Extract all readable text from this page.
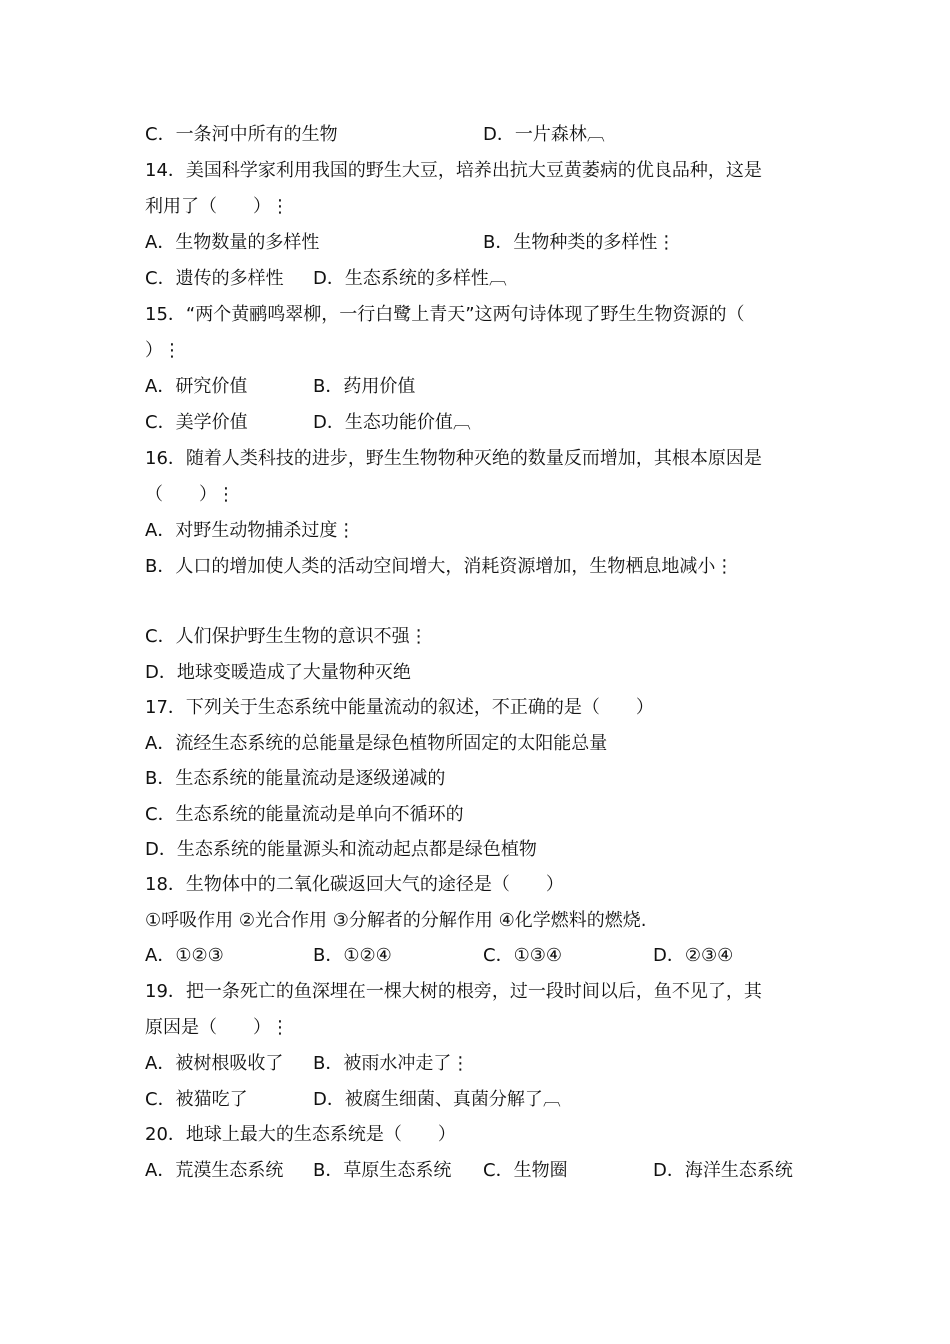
C．一条河中所有的生物	D．一片森林︹
14．美国科学家利用我国的野生大豆，培养出抗大豆黄萎病的优良品种，这是
利用了（　　）⋮
A．生物数量的多样性	B．生物种类的多样性⋮
C．遗传的多样性 D．生态系统的多样性︹
15．“两个黄鹂鸣翠柳，一行白鹭上青天”这两句诗体现了野生生物资源的（
）⋮
A．研究价值	B．药用价值
C．美学价值	D．生态功能价值︹
16．随着人类科技的进步，野生生物物种灭绝的数量反而增加，其根本原因是
（　　）⋮
A．对野生动物捕杀过度⋮
B．人口的增加使人类的活动空间增大，消耗资源增加，生物栖息地减小⋮
C．人们保护野生生物的意识不强⋮
D．地球变暖造成了大量物种灭绝
17．下列关于生态系统中能量流动的叙述，不正确的是（　　）
A．流经生态系统的总能量是绿色植物所固定的太阳能总量
B．生态系统的能量流动是逐级递减的
C．生态系统的能量流动是单向不循环的
D．生态系统的能量源头和流动起点都是绿色植物
18．生物体中的二氧化碳返回大气的途径是（　　）
①呼吸作用 ②光合作用 ③分解者的分解作用 ④化学燃料的燃烧.
A．①②③	B．①②④	C．①③④	D．②③④
19．把一条死亡的鱼深埋在一棵大树的根旁，过一段时间以后，鱼不见了，其
原因是（　　）⋮
A．被树根吸收了 B．被雨水冲走了⋮
C．被猫吃了	D．被腐生细菌、真菌分解了︹
20．地球上最大的生态系统是（　　）
A．荒漠生态系统 B．草原生态系统 C．生物圈	D．海洋生态系统
